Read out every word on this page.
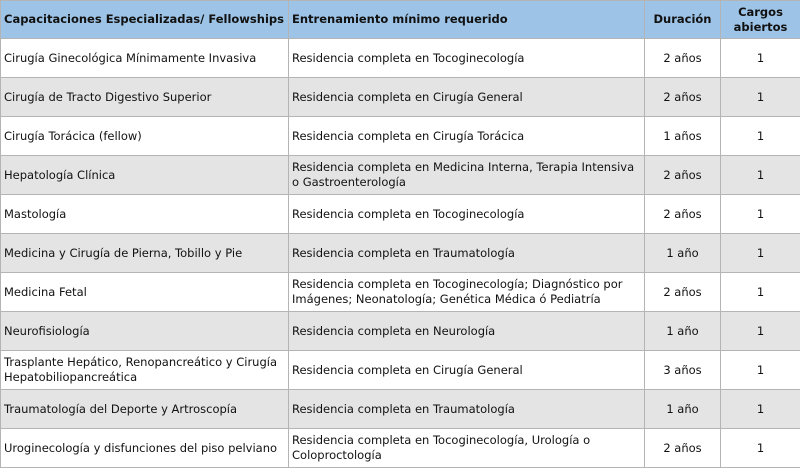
Capacitaciones Especializadas/ Fellowships	Entrenamiento mínimo requerido	Duración	Cargos abiertos
Cirugía Ginecológica Mínimamente Invasiva	Residencia completa en Tocoginecología	2 años	1
Cirugía de Tracto Digestivo Superior	Residencia completa en Cirugía General	2 años	1
Cirugía Torácica (fellow)	Residencia completa en Cirugía Torácica	1 años	1
Hepatología Clínica	Residencia completa en Medicina Interna, Terapia Intensiva o Gastroenterología	2 años	1
Mastología	Residencia completa en Tocoginecología	2 años	1
Medicina y Cirugía de Pierna, Tobillo y Pie	Residencia completa en Traumatología	1 año	1
Medicina Fetal	Residencia completa en Tocoginecología; Diagnóstico por Imágenes; Neonatología; Genética Médica ó Pediatría	2 años	1
Neurofisiología	Residencia completa en Neurología	1 año	1
Trasplante Hepático, Renopancreático y Cirugía Hepatobiliopancreática	Residencia completa en Cirugía General	3 años	1
Traumatología del Deporte y Artroscopía	Residencia completa en Traumatología	1 año	1
Uroginecología y disfunciones del piso pelviano	Residencia completa en Tocoginecología, Urología o Coloproctología	2 años	1
